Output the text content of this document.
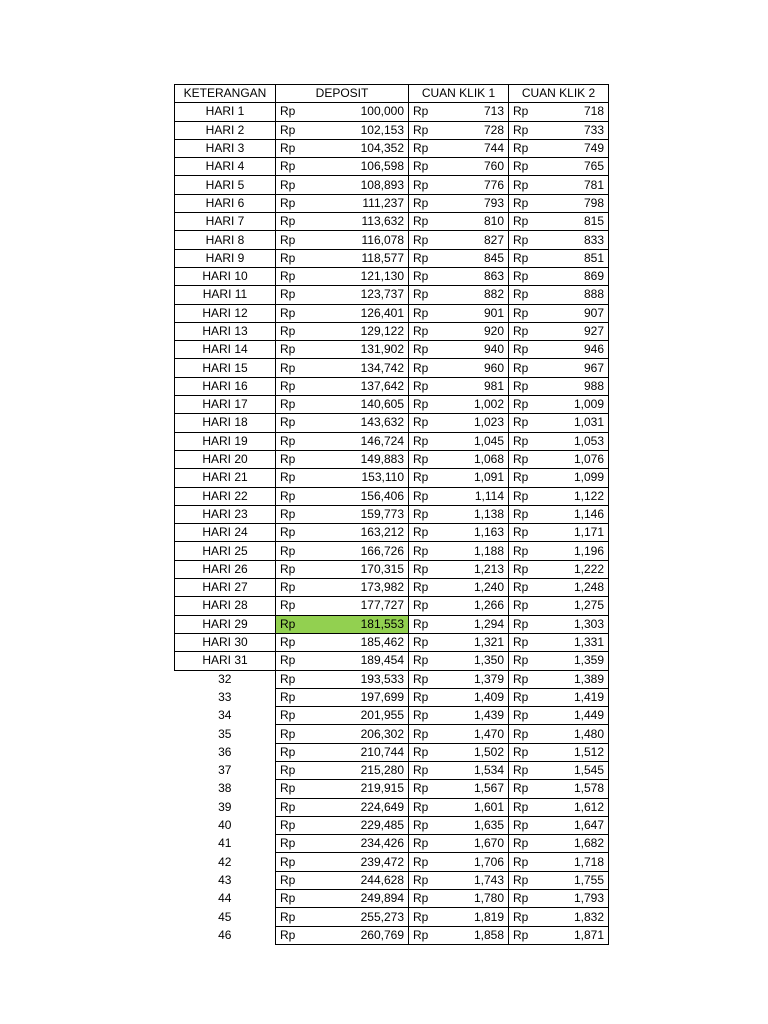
KETERANGAN	DEPOSIT	CUAN KLIK 1	CUAN KLIK 2
HARI 1	Rp 100,000	Rp 713	Rp 718

HARI 2	Rp 102,153	Rp 728	Rp 733

HARI 3	Rp 104,352	Rp 744	Rp 749

HARI 4	Rp 106,598	Rp 760	Rp 765

HARI 5	Rp 108,893	Rp 776	Rp 781

HARI 6	Rp 111,237	Rp 793	Rp 798

HARI 7	Rp 113,632	Rp 810	Rp 815

HARI 8	Rp 116,078	Rp 827	Rp 833

HARI 9	Rp 118,577	Rp 845	Rp 851

HARI 10	Rp 121,130	Rp 863	Rp 869

HARI 11	Rp 123,737	Rp 882	Rp 888

HARI 12	Rp 126,401	Rp 901	Rp 907

HARI 13	Rp 129,122	Rp 920	Rp 927

HARI 14	Rp 131,902	Rp 940	Rp 946

HARI 15	Rp 134,742	Rp 960	Rp 967

HARI 16	Rp 137,642	Rp 981	Rp 988

HARI 17	Rp 140,605	Rp 1,002	Rp 1,009

HARI 18	Rp 143,632	Rp 1,023	Rp 1,031

HARI 19	Rp 146,724	Rp 1,045	Rp 1,053

HARI 20	Rp 149,883	Rp 1,068	Rp 1,076

HARI 21	Rp 153,110	Rp 1,091	Rp 1,099

HARI 22	Rp 156,406	Rp 1,114	Rp 1,122

HARI 23	Rp 159,773	Rp 1,138	Rp 1,146

HARI 24	Rp 163,212	Rp 1,163	Rp 1,171

HARI 25	Rp 166,726	Rp 1,188	Rp 1,196

HARI 26	Rp 170,315	Rp 1,213	Rp 1,222

HARI 27	Rp 173,982	Rp 1,240	Rp 1,248

HARI 28	Rp 177,727	Rp 1,266	Rp 1,275

HARI 29	Rp 181,553	Rp 1,294	Rp 1,303

HARI 30	Rp 185,462	Rp 1,321	Rp 1,331

HARI 31	Rp 189,454	Rp 1,350	Rp 1,359

32	Rp 193,533	Rp 1,379	Rp 1,389

33	Rp 197,699	Rp 1,409	Rp 1,419

34	Rp 201,955	Rp 1,439	Rp 1,449

35	Rp 206,302	Rp 1,470	Rp 1,480

36	Rp 210,744	Rp 1,502	Rp 1,512

37	Rp 215,280	Rp 1,534	Rp 1,545

38	Rp 219,915	Rp 1,567	Rp 1,578

39	Rp 224,649	Rp 1,601	Rp 1,612

40	Rp 229,485	Rp 1,635	Rp 1,647

41	Rp 234,426	Rp 1,670	Rp 1,682

42	Rp 239,472	Rp 1,706	Rp 1,718

43	Rp 244,628	Rp 1,743	Rp 1,755

44	Rp 249,894	Rp 1,780	Rp 1,793

45	Rp 255,273	Rp 1,819	Rp 1,832

46	Rp 260,769	Rp 1,858	Rp 1,871
